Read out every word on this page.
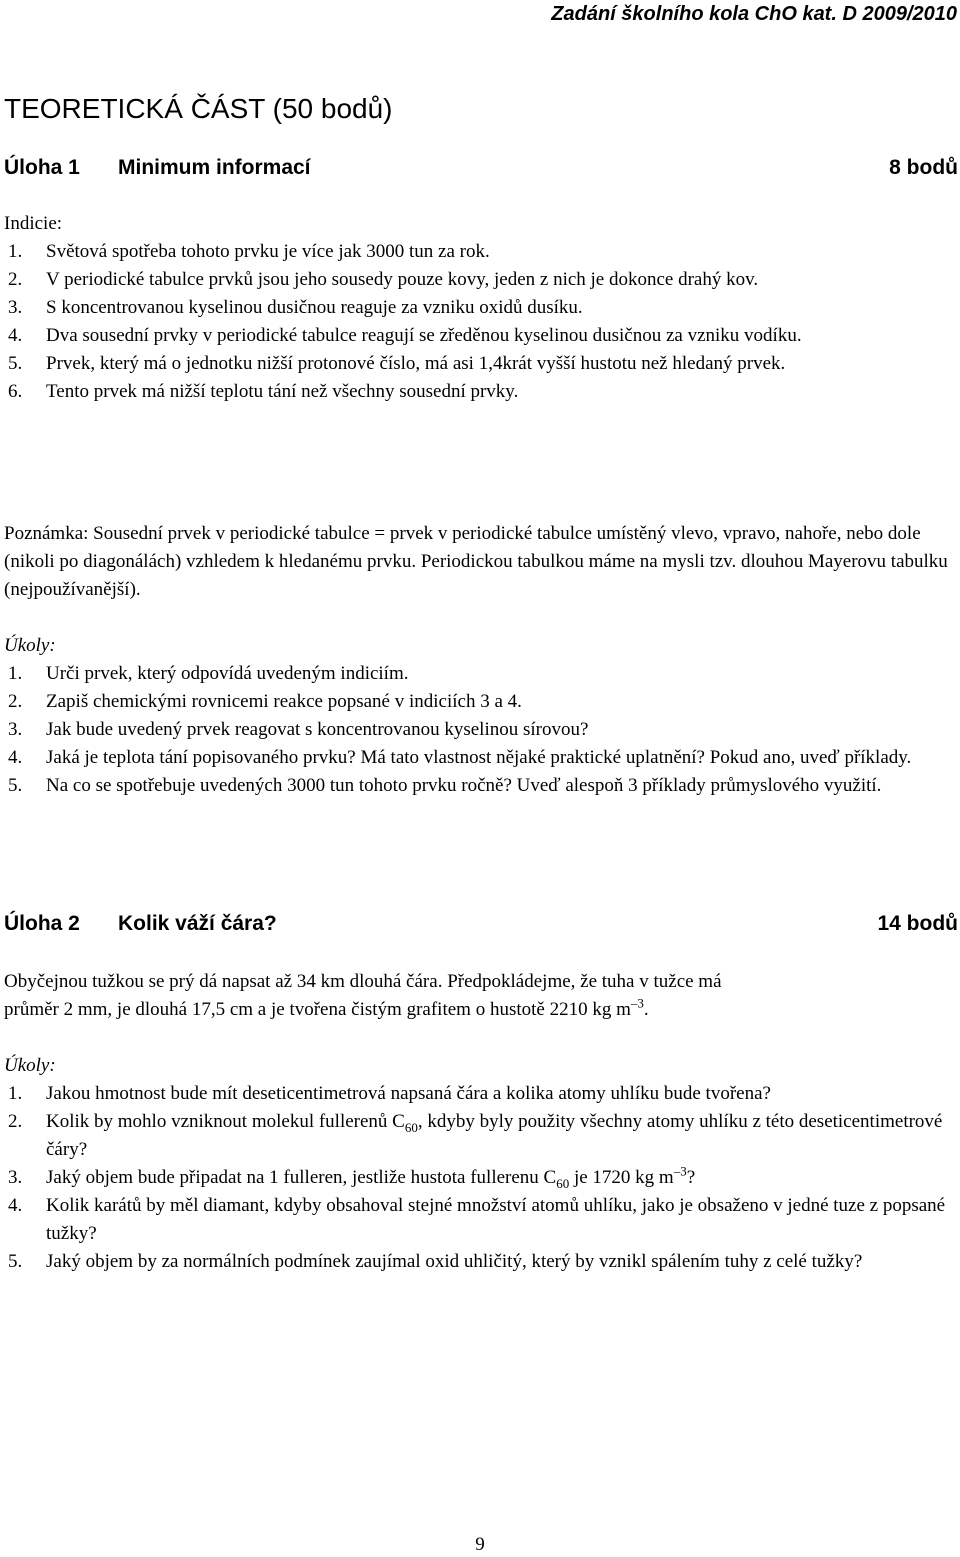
Zadání školního kola ChO kat. D 2009/2010
TEORETICKÁ ČÁST (50 bodů)
Úloha 1 Minimum informací	8 bodů
Indicie:
1. Světová spotřeba tohoto prvku je více jak 3000 tun za rok.
2. V periodické tabulce prvků jsou jeho sousedy pouze kovy, jeden z nich je dokonce drahý kov.
3. S koncentrovanou kyselinou dusičnou reaguje za vzniku oxidů dusíku.
4. Dva sousední prvky v periodické tabulce reagují se zředěnou kyselinou dusičnou za vzniku vodíku.
5. Prvek, který má o jednotku nižší protonové číslo, má asi 1,4krát vyšší hustotu než hledaný prvek.
6. Tento prvek má nižší teplotu tání než všechny sousední prvky.
Poznámka: Sousední prvek v periodické tabulce = prvek v periodické tabulce umístěný vlevo, vpravo, nahoře, nebo dole (nikoli po diagonálách) vzhledem k hledanému prvku. Periodickou tabulkou máme na mysli tzv. dlouhou Mayerovu tabulku (nejpoužívanější).
Úkoly:
1. Urči prvek, který odpovídá uvedeným indiciím.
2. Zapiš chemickými rovnicemi reakce popsané v indiciích 3 a 4.
3. Jak bude uvedený prvek reagovat s koncentrovanou kyselinou sírovou?
4. Jaká je teplota tání popisovaného prvku? Má tato vlastnost nějaké praktické uplatnění? Pokud ano, uveď příklady.
5. Na co se spotřebuje uvedených 3000 tun tohoto prvku ročně? Uveď alespoň 3 příklady průmyslového využití.
Úloha 2 Kolik váží čára?	14 bodů
Obyčejnou tužkou se prý dá napsat až 34 km dlouhá čára. Předpokládejme, že tuha v tužce má
průměr 2 mm, je dlouhá 17,5 cm a je tvořena čistým grafitem o hustotě 2210 kg $m^{-3}$.
Úkoly:
1. Jakou hmotnost bude mít deseticentimetrová napsaná čára a kolika atomy uhlíku bude tvořena?
2. Kolik by mohlo vzniknout molekul fullerenů $C_{60}$, kdyby byly použity všechny atomy uhlíku z této deseticentimetrové čáry?
3. Jaký objem bude připadat na 1 fulleren, jestliže hustota fullerenu $C_{60}$ je 1720 kg $m^{-3}$?
4. Kolik karátů by měl diamant, kdyby obsahoval stejné množství atomů uhlíku, jako je obsaženo v jedné tuze z popsané tužky?
5. Jaký objem by za normálních podmínek zaujímal oxid uhličitý, který by vznikl spálením tuhy z celé tužky?
9
